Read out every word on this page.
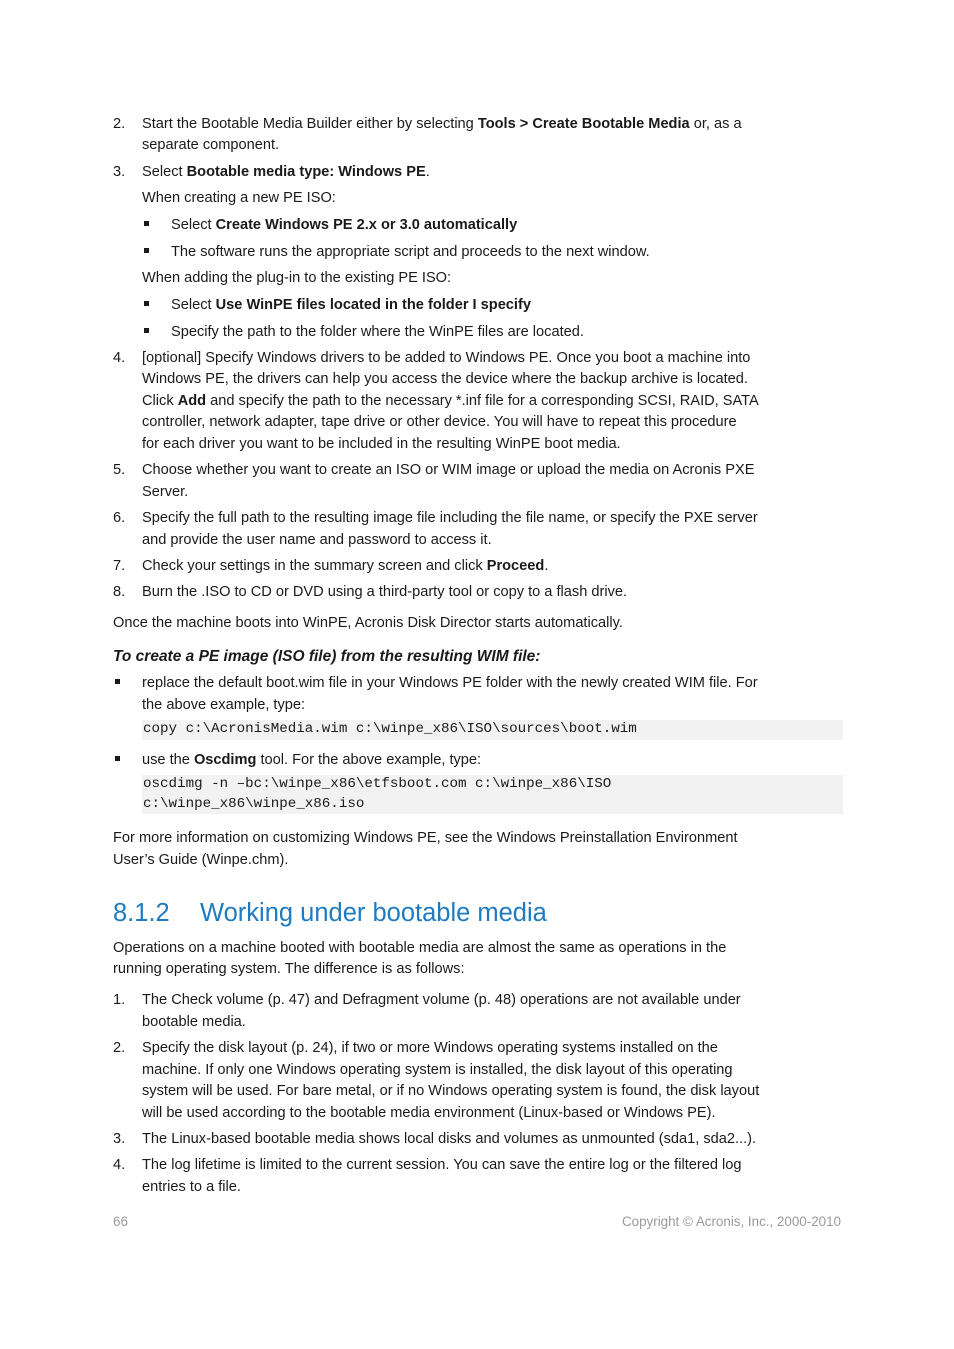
2. Start the Bootable Media Builder either by selecting Tools > Create Bootable Media or, as a
separate component.
3. Select Bootable media type: Windows PE.
When creating a new PE ISO:
Select Create Windows PE 2.x or 3.0 automatically
The software runs the appropriate script and proceeds to the next window.
When adding the plug-in to the existing PE ISO:
Select Use WinPE files located in the folder I specify
Specify the path to the folder where the WinPE files are located.
4. [optional] Specify Windows drivers to be added to Windows PE. Once you boot a machine into
Windows PE, the drivers can help you access the device where the backup archive is located.
Click Add and specify the path to the necessary *.inf file for a corresponding SCSI, RAID, SATA
controller, network adapter, tape drive or other device. You will have to repeat this procedure
for each driver you want to be included in the resulting WinPE boot media.
5. Choose whether you want to create an ISO or WIM image or upload the media on Acronis PXE
Server.
6. Specify the full path to the resulting image file including the file name, or specify the PXE server
and provide the user name and password to access it.
7. Check your settings in the summary screen and click Proceed.
8. Burn the .ISO to CD or DVD using a third-party tool or copy to a flash drive.
Once the machine boots into WinPE, Acronis Disk Director starts automatically.
To create a PE image (ISO file) from the resulting WIM file:
replace the default boot.wim file in your Windows PE folder with the newly created WIM file. For
the above example, type:
copy c:\AcronisMedia.wim c:\winpe_x86\ISO\sources\boot.wim
use the Oscdimg tool. For the above example, type:
oscdimg -n –bc:\winpe_x86\etfsboot.com c:\winpe_x86\ISO
c:\winpe_x86\winpe_x86.iso
For more information on customizing Windows PE, see the Windows Preinstallation Environment
User’s Guide (Winpe.chm).
8.1.2 Working under bootable media
Operations on a machine booted with bootable media are almost the same as operations in the
running operating system. The difference is as follows:
1. The Check volume (p. 47) and Defragment volume (p. 48) operations are not available under
bootable media.
2. Specify the disk layout (p. 24), if two or more Windows operating systems installed on the
machine. If only one Windows operating system is installed, the disk layout of this operating
system will be used. For bare metal, or if no Windows operating system is found, the disk layout
will be used according to the bootable media environment (Linux-based or Windows PE).
3. The Linux-based bootable media shows local disks and volumes as unmounted (sda1, sda2...).
4. The log lifetime is limited to the current session. You can save the entire log or the filtered log
entries to a file.
66	Copyright © Acronis, Inc., 2000-2010
